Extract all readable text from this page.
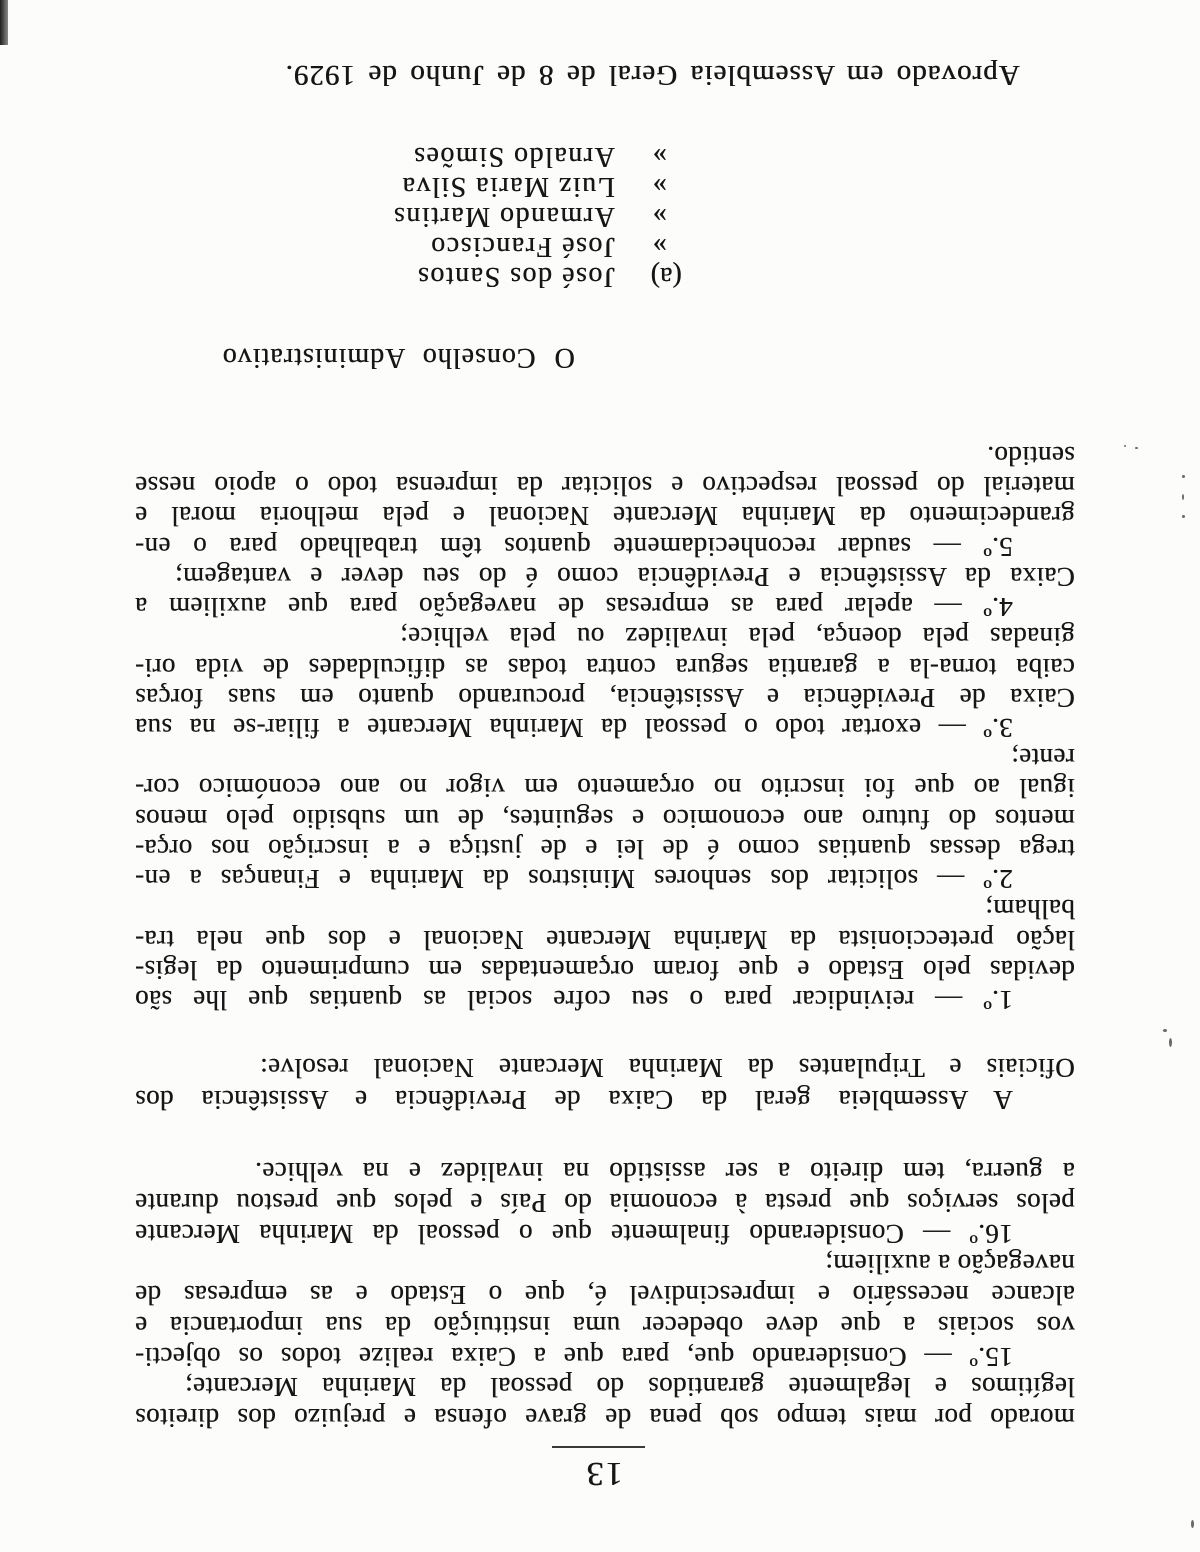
13
morado por mais tempo sob pena de grave ofensa e prejuizo dos direitos
legítimos e legalmente garantidos do pessoal da Marinha Mercante;
15.º — Considerando que, para que a Caixa realize todos os objecti-
vos sociais a que deve obedecer uma instituição da sua importancia e
alcance necessário e imprescindivel é, que o Estado e as empresas de
navegação a auxiliem;
16.º — Considerando finalmente que o pessoal da Marinha Mercante
pelos serviços que presta à economia do País e pelos que prestou durante
a guerra, tem direito a ser assistido na invalidez e na velhice.
A Assembleia geral da Caixa de Previdência e Assistência dos
Oficiais e Tripulantes da Marinha Mercante Nacional resolve:
1.º — reivindicar para o seu cofre social as quantias que lhe são
devidas pelo Estado e que foram orçamentadas em cumprimento da legis-
lação preteccionista da Marinha Mercante Nacional e dos que nela tra-
balham;
2.º — solicitar dos senhores Ministros da Marinha e Finanças a en-
trega dessas quantias como é de lei e de justiça e a inscrição nos orça-
mentos do futuro ano economico e seguintes, de um subsidio pelo menos
igual ao que foi inscrito no orçamento em vigor no ano económico cor-
rente;
3.º — exortar todo o pessoal da Marinha Mercante a filiar-se na sua
Caixa de Previdência e Assistência, procurando quanto em suas forças
caiba torna-la a garantia segura contra todas as dificuldades de vida ori-
ginadas pela doença, pela invalidez ou pela velhice;
4.º — apelar para as empresas de navegação para que auxiliem a
Caixa da Assistência e Previdência como é do seu dever e vantagem;
5.º — saudar reconhecidamente quantos têm trabalhado para o en-
grandecimento da Marinha Mercante Nacional e pela melhoria moral e
material do pessoal respectivo e solicitar da imprensa todo o apoio nesse
sentido.
O Conselho Administrativo
(a)
José dos Santos
»
José Francisco
»
Armando Martins
»
Luiz Maria Silva
»
Arnaldo Simões
Aprovado em Assembleia Geral de 8 de Junho de 1929.
